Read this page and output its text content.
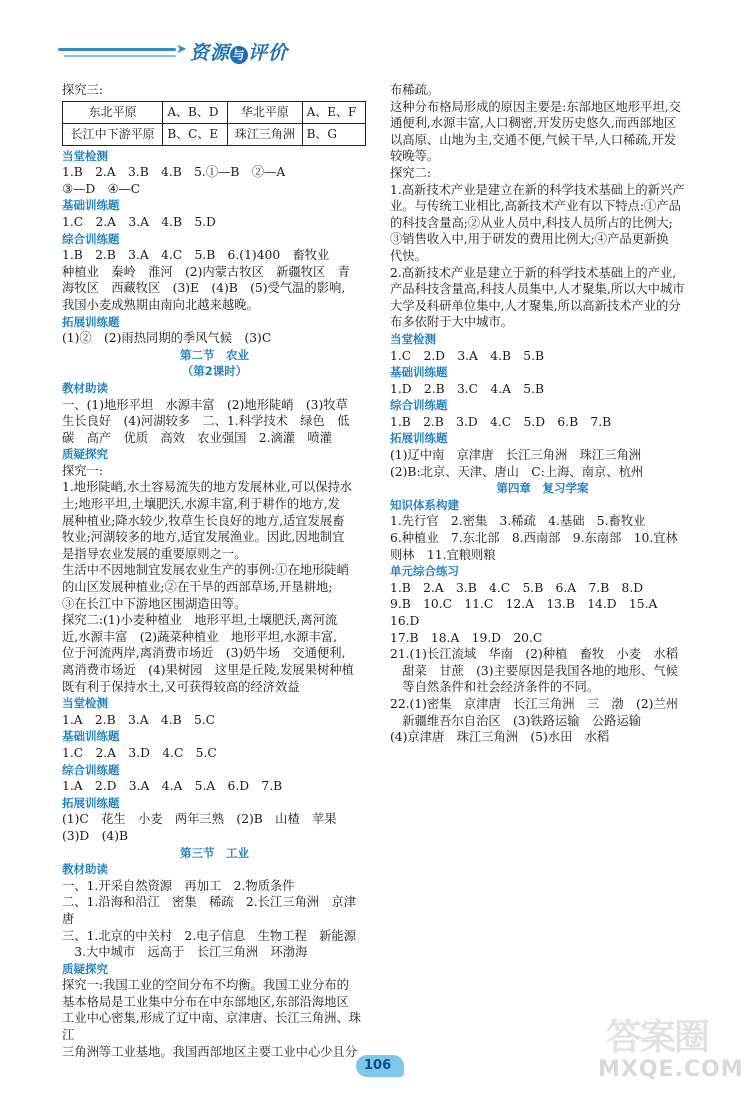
➤ 资源 与 评价

探究三:

东北平原	A、B、D	华北平原	A、E、F
长江中下游平原	B、C、E	珠江三角洲	B、G

当堂检测

1.B　2.A　3.B　4.B　5.①—B　②—A

③—D　④—C

基础训练题

1.C　2.A　3.A　4.B　5.D

综合训练题

1.B　2.B　3.A　4.C　5.B　6.(1)400　畜牧业

种植业　秦岭　淮河　(2)内蒙古牧区　新疆牧区　青

海牧区　西藏牧区　(3)E　(4)B　(5)受气温的影响,

我国小麦成熟期由南向北越来越晚。

拓展训练题

(1)②　(2)雨热同期的季风气候　(3)C

第二节　农业

（第2课时）

教材助读

一、(1)地形平坦　水源丰富　(2)地形陡峭　(3)牧草

生长良好　(4)河湖较多　二、1.科学技术　绿色　低

碳　高产　优质　高效　农业强国　2.滴灌　喷灌

质疑探究

探究一:

1.地形陡峭,水土容易流失的地方发展林业,可以保持水

土;地形平坦,土壤肥沃,水源丰富,利于耕作的地方,发

展种植业;降水较少,牧草生长良好的地方,适宜发展畜

牧业;河湖较多的地方,适宜发展渔业。因此,因地制宜

是指导农业发展的重要原则之一。

生活中不因地制宜发展农业生产的事例:①在地形陡峭

的山区发展种植业;②在干旱的西部草场,开垦耕地;

③在长江中下游地区围湖造田等。

探究二:(1)小麦种植业　地形平坦,土壤肥沃,离河流

近,水源丰富　(2)蔬菜种植业　地形平坦,水源丰富,

位于河流两岸,离消费市场近　(3)奶牛场　交通便利,

离消费市场近　(4)果树园　这里是丘陵,发展果树种植

既有利于保持水土,又可获得较高的经济效益

当堂检测

1.A　2.B　3.A　4.B　5.C

基础训练题

1.C　2.A　3.D　4.C　5.C

综合训练题

1.A　2.D　3.A　4.A　5.A　6.D　7.B

拓展训练题

(1)C　花生　小麦　两年三熟　(2)B　山楂　苹果

(3)D　(4)B

第三节　工业

教材助读

一、1.开采自然资源　再加工　2.物质条件

二、1.沿海和沿江　密集　稀疏　2.长江三角洲　京津

唐

三、1.北京的中关村　2.电子信息　生物工程　新能源

　3.大中城市　远高于　长江三角洲　环渤海

质疑探究

探究一:我国工业的空间分布不均衡。我国工业分布的

基本格局是工业集中分布在中东部地区,东部沿海地区

工业中心密集,形成了辽中南、京津唐、长江三角洲、珠江

三角洲等工业基地。我国西部地区主要工业中心少且分

布稀疏。

这种分布格局形成的原因主要是:东部地区地形平坦,交

通便利,水源丰富,人口稠密,开发历史悠久,而西部地区

以高原、山地为主,交通不便,气候干旱,人口稀疏,开发

较晚等。

探究二:

1.高新技术产业是建立在新的科学技术基础上的新兴产

业。与传统工业相比,高新技术产业有以下特点:①产品

的科技含量高;②从业人员中,科技人员所占的比例大;

③销售收入中,用于研发的费用比例大;④产品更新换

代快。

2.高新技术产业是建立于新的科学技术基础上的产业,

产品科技含量高,科技人员集中,人才聚集,所以大中城市

大学及科研单位集中,人才聚集,所以高新技术产业的分

布多依附于大中城市。

当堂检测

1.C　2.D　3.A　4.B　5.B

基础训练题

1.D　2.B　3.C　4.A　5.B

综合训练题

1.B　2.B　3.D　4.C　5.D　6.B　7.B

拓展训练题

(1)辽中南　京津唐　长江三角洲　珠江三角洲

(2)B:北京、天津、唐山　C:上海、南京、杭州

第四章　复习学案

知识体系构建

1.先行官　2.密集　3.稀疏　4.基础　5.畜牧业

6.种植业　7.东北部　8.西南部　9.东南部　10.宜林

则林　11.宜粮则粮

单元综合练习

1.B　2.A　3.B　4.C　5.B　6.A　7.B　8.D

9.B　10.C　11.C　12.A　13.B　14.D　15.A　16.D

17.B　18.A　19.D　20.C

21.(1)长江流域　华南　(2)种植　畜牧　小麦　水稻

　甜菜　甘蔗　(3)主要原因是我国各地的地形、气候

　等自然条件和社会经济条件的不同。

22.(1)密集　京津唐　长江三角洲　三　渤　(2)兰州

　新疆维吾尔自治区　(3)铁路运输　公路运输

(4)京津唐　珠江三角洲　(5)水田　水稻

106
答案圈
MXQE.COM
